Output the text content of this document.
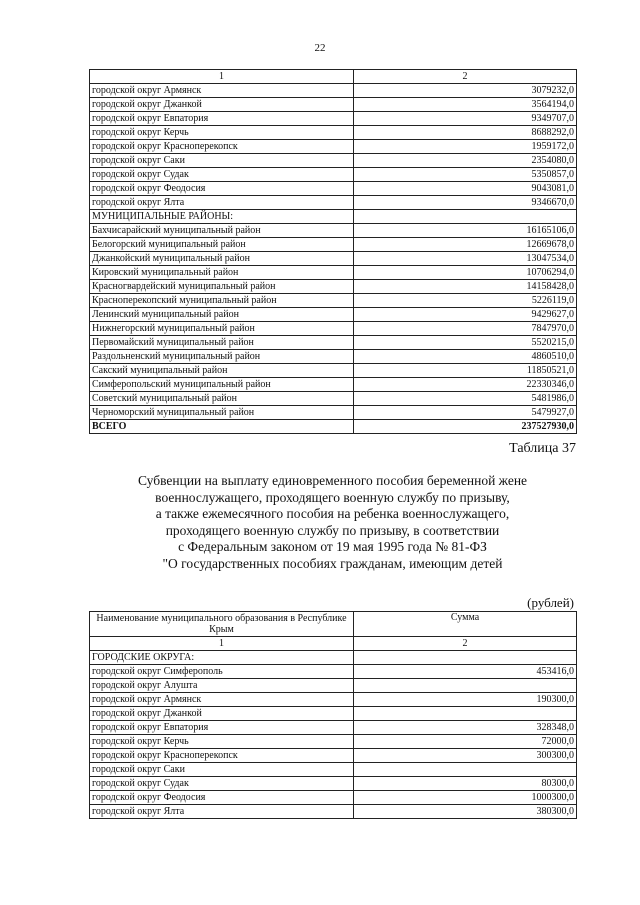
22
1	2
городской округ Армянск	3079232,0
городской округ Джанкой	3564194,0
городской округ Евпатория	9349707,0
городской округ Керчь	8688292,0
городской округ Красноперекопск	1959172,0
городской округ Саки	2354080,0
городской округ Судак	5350857,0
городской округ Феодосия	9043081,0
городской округ Ялта	9346670,0
МУНИЦИПАЛЬНЫЕ РАЙОНЫ:	
Бахчисарайский муниципальный район	16165106,0
Белогорский муниципальный район	12669678,0
Джанкойский муниципальный район	13047534,0
Кировский муниципальный район	10706294,0
Красногвардейский муниципальный район	14158428,0
Красноперекопский муниципальный район	5226119,0
Ленинский муниципальный район	9429627,0
Нижнегорский муниципальный район	7847970,0
Первомайский муниципальный район	5520215,0
Раздольненский муниципальный район	4860510,0
Сакский муниципальный район	11850521,0
Симферопольский муниципальный район	22330346,0
Советский муниципальный район	5481986,0
Черноморский муниципальный район	5479927,0
ВСЕГО	237527930,0
Таблица 37
Субвенции на выплату единовременного пособия беременной жене
военнослужащего, проходящего военную службу по призыву,
а также ежемесячного пособия на ребенка военнослужащего,
проходящего военную службу по призыву, в соответствии
с Федеральным законом от 19 мая 1995 года № 81-ФЗ
"О государственных пособиях гражданам, имеющим детей
(рублей)
Наименование муниципального образования в Республике Крым	Сумма
1	2
ГОРОДСКИЕ ОКРУГА:	
городской округ Симферополь	453416,0
городской округ Алушта	
городской округ Армянск	190300,0
городской округ Джанкой	
городской округ Евпатория	328348,0
городской округ Керчь	72000,0
городской округ Красноперекопск	300300,0
городской округ Саки	
городской округ Судак	80300,0
городской округ Феодосия	1000300,0
городской округ Ялта	380300,0
